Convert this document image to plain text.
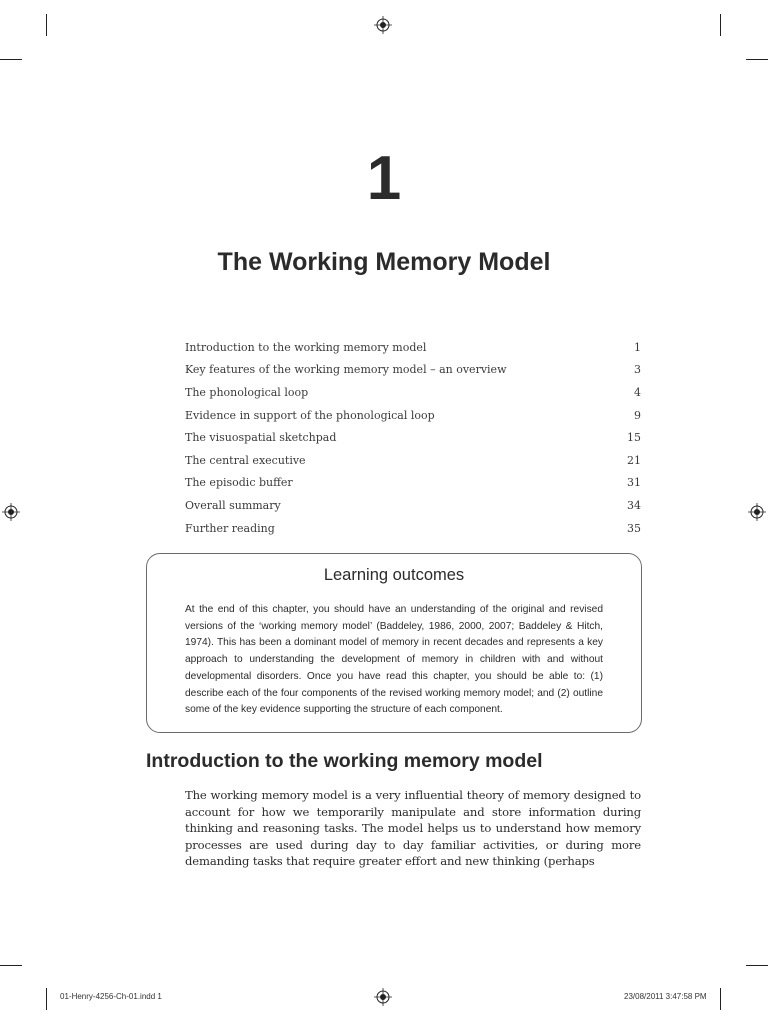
1
The Working Memory Model
Introduction to the working memory model	1
Key features of the working memory model – an overview	3
The phonological loop	4
Evidence in support of the phonological loop	9
The visuospatial sketchpad	15
The central executive	21
The episodic buffer	31
Overall summary	34
Further reading	35
Learning outcomes
At the end of this chapter, you should have an understanding of the original and revised versions of the ‘working memory model’ (Baddeley, 1986, 2000, 2007; Baddeley & Hitch, 1974). This has been a dominant model of memory in recent decades and represents a key approach to understanding the development of memory in children with and without developmental disorders. Once you have read this chapter, you should be able to: (1) describe each of the four components of the revised working memory model; and (2) outline some of the key evidence supporting the structure of each component.
Introduction to the working memory model
The working memory model is a very influential theory of memory designed to account for how we temporarily manipulate and store information during thinking and reasoning tasks. The model helps us to understand how memory processes are used during day to day familiar activities, or during more demanding tasks that require greater effort and new thinking (perhaps
01-Henry-4256-Ch-01.indd 1	23/08/2011 3:47:58 PM
